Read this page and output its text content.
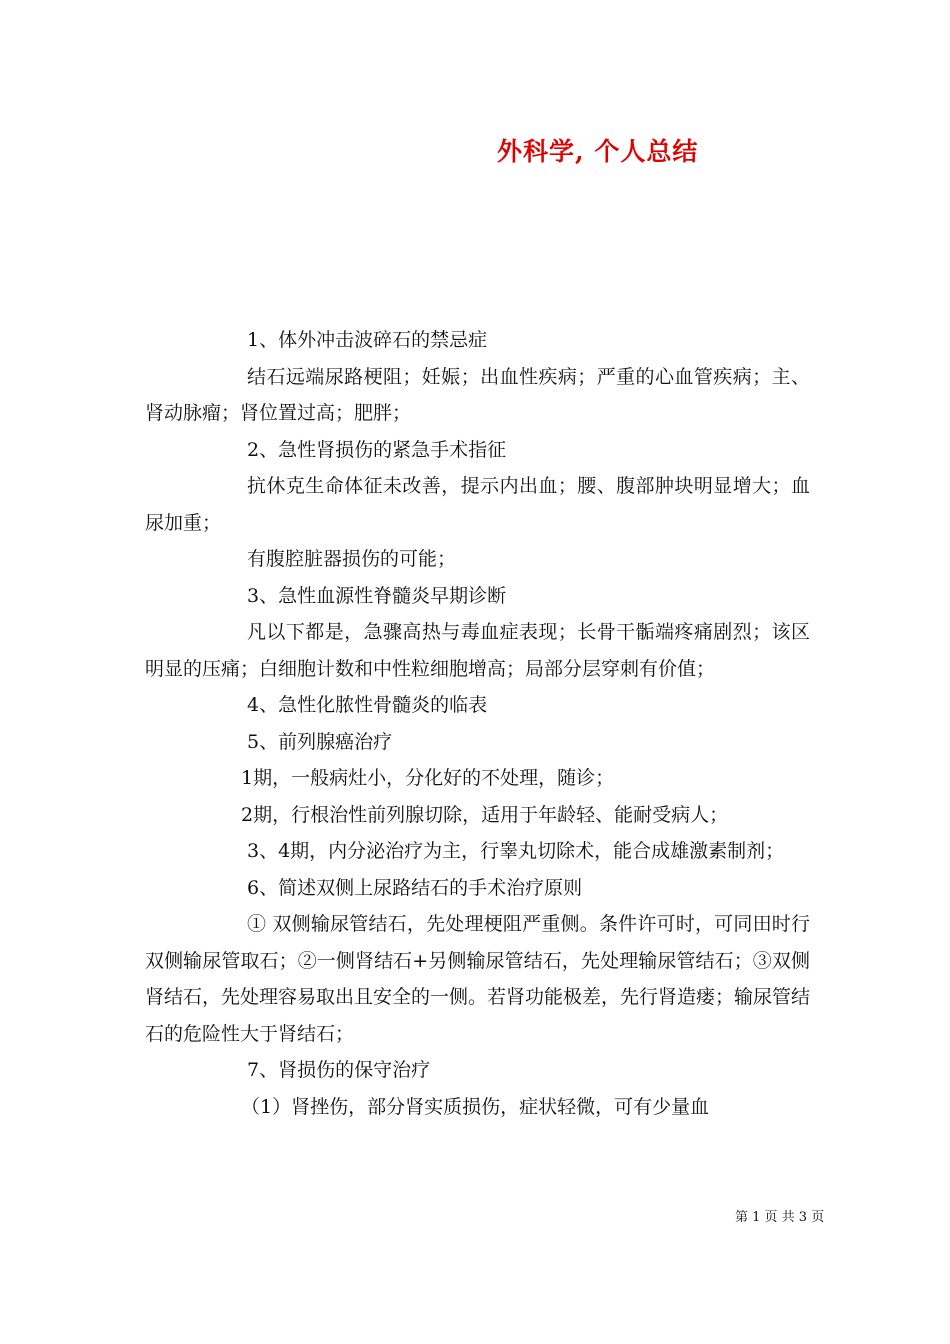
外科学, 个人总结

1、体外冲击波碎石的禁忌症

结石远端尿路梗阻；妊娠；出血性疾病；严重的心血管疾病；主、肾动脉瘤；肾位置过高；肥胖；

2、急性肾损伤的紧急手术指征

抗休克生命体征未改善，提示内出血；腰、腹部肿块明显增大；血尿加重；

有腹腔脏器损伤的可能；

3、急性血源性脊髓炎早期诊断

凡以下都是，急骤高热与毒血症表现；长骨干骺端疼痛剧烈；该区明显的压痛；白细胞计数和中性粒细胞增高；局部分层穿刺有价值；

4、急性化脓性骨髓炎的临表

5、前列腺癌治疗

1期，一般病灶小，分化好的不处理，随诊；

2期，行根治性前列腺切除，适用于年龄轻、能耐受病人；

3、4期，内分泌治疗为主，行睾丸切除术，能合成雄激素制剂；

6、简述双侧上尿路结石的手术治疗原则

① 双侧输尿管结石，先处理梗阻严重侧。条件许可时，可同田时行双侧输尿管取石；②一侧肾结石+另侧输尿管结石，先处理输尿管结石；③双侧肾结石，先处理容易取出且安全的一侧。若肾功能极差，先行肾造瘘；输尿管结石的危险性大于肾结石；

7、肾损伤的保守治疗

（1）肾挫伤，部分肾实质损伤，症状轻微，可有少量血

第 1 页 共 3 页
